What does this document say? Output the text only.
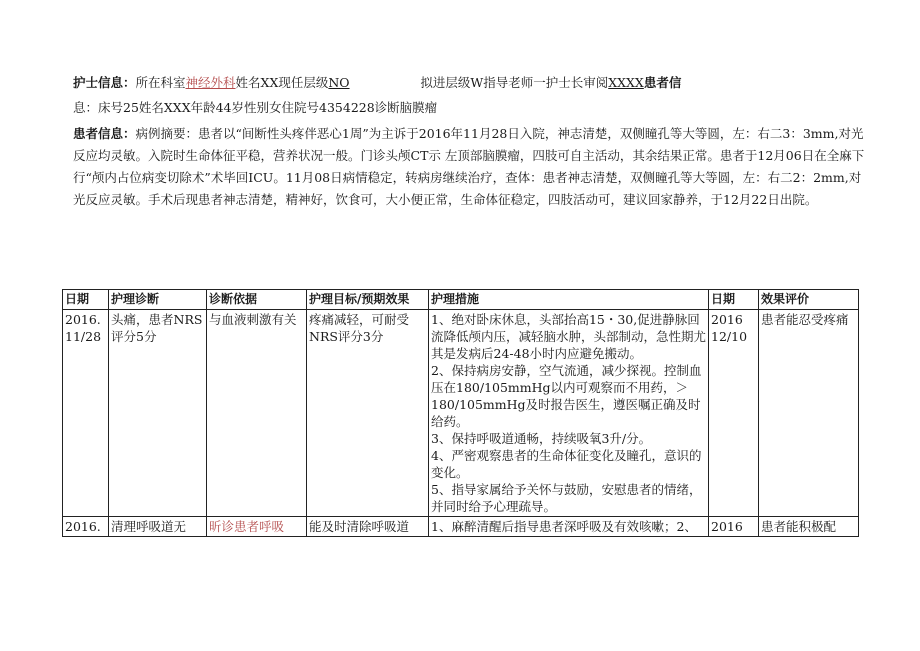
护士信息：所在科室神经外科姓名XX现任层级NO	拟进层级W指导老师一护士长审阅XXXX患者信
息：床号25姓名XXX年龄44岁性别女住院号4354228诊断脑膜瘤
患者信息：病例摘要：患者以“间断性头疼伴恶心1周”为主诉于2016年11月28日入院，神志清楚，双侧瞳孔等大等圆，左：右二3：3mm,对光反应均灵敏。入院时生命体征平稳，营养状况一般。门诊头颅CT示 左顶部脑膜瘤，四肢可自主活动，其余结果正常。患者于12月06日在全麻下行“颅内占位病变切除术”术毕回ICU。11月08日病情稳定，转病房继续治疗，查体：患者神志清楚，双侧瞳孔等大等圆，左：右二2：2mm,对光反应灵敏。手术后现患者神志清楚，精神好，饮食可，大小便正常，生命体征稳定，四肢活动可，建议回家静养，于12月22日出院。
日期	护理诊断	诊断依据	护理目标/预期效果	护理措施	日期	效果评价
2016.
11/28	头痛，患者NRS评分5分	与血液刺激有关	疼痛减轻，可耐受NRS评分3分	1、绝对卧床休息，头部抬高15・30,促进静脉回流降低颅内压，减轻脑水肿，头部制动，急性期尤其是发病后24-48小时内应避免搬动。
2、保持病房安静，空气流通，减少探视。控制血压在180/105mmHg以内可观察而不用药，＞180/105mmHg及时报告医生，遵医嘱正确及时给药。
3、保持呼吸道通畅，持续吸氧3升/分。
4、严密观察患者的生命体征变化及瞳孔，意识的变化。
5、指导家属给予关怀与鼓励，安慰患者的情绪，并同时给予心理疏导。	2016
12/10	患者能忍受疼痛
2016.	清理呼吸道无	昕诊患者呼吸	能及时清除呼吸道	1、麻醉清醒后指导患者深呼吸及有效咳嗽；2、	2016	患者能积极配
